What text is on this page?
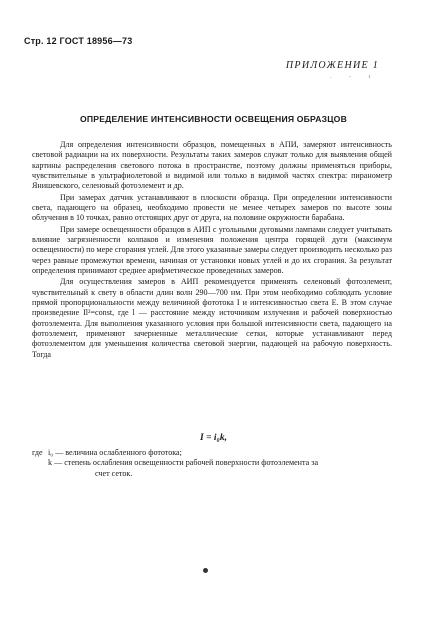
Стр. 12 ГОСТ 18956—73
ПРИЛОЖЕНИЕ 1
. - ı
ОПРЕДЕЛЕНИЕ ИНТЕНСИВНОСТИ ОСВЕЩЕНИЯ ОБРАЗЦОВ

Для определения интенсивности образцов, помещенных в АПИ, замеряют интенсивность световой радиации на их поверхности. Результаты таких замеров служат только для выявления общей картины распределения светового потока в пространстве, поэтому должны применяться приборы, чувствительные в ультрафиолетовой и видимой или только в видимой частях спектра: пиранометр Янишевского, селеновый фотоэлемент и др.

При замерах датчик устанавливают в плоскости образца. При определении интенсивности света, падающего на образец, необходимо провести не менее четырех замеров по высоте зоны облучения в 10 точках, равно отстоящих друг от друга, на половине окружности барабана.

При замере освещенности образцов в АИП с угольными дуговыми лампами следует учитывать влияние загрязненности колпаков и изменения положения центра горящей дуги (максимум освещенности) по мере сгорания углей. Для этого указанные замеры следует производить несколько раз через равные промежутки времени, начиная от установки новых углей и до их сгорания. За результат определения принимают среднее арифметическое проведенных замеров.

Для осуществления замеров в АИП рекомендуется применять селеновый фотоэлемент, чувствительный к свету в области длин волн 290—700 нм. При этом необходимо соблюдать условие прямой пропорциональности между величиной фототока I и интенсивностью света E. В этом случае произведение Il²=const, где l — расстояние между источником излучения и рабочей поверхностью фотоэлемента. Для выполнения указанного условия при большой интенсивности света, падающего на фотоэлемент, применяют зачерненные металлические сетки, которые устанавливают перед фотоэлементом для уменьшения количества световой энергии, падающей на рабочую поверхность. Тогда

I = i₀k,
где i₀ — величина ослабленного фототока;
k — степень ослабления освещенности рабочей поверхности фотоэлемента за
счет сеток.
